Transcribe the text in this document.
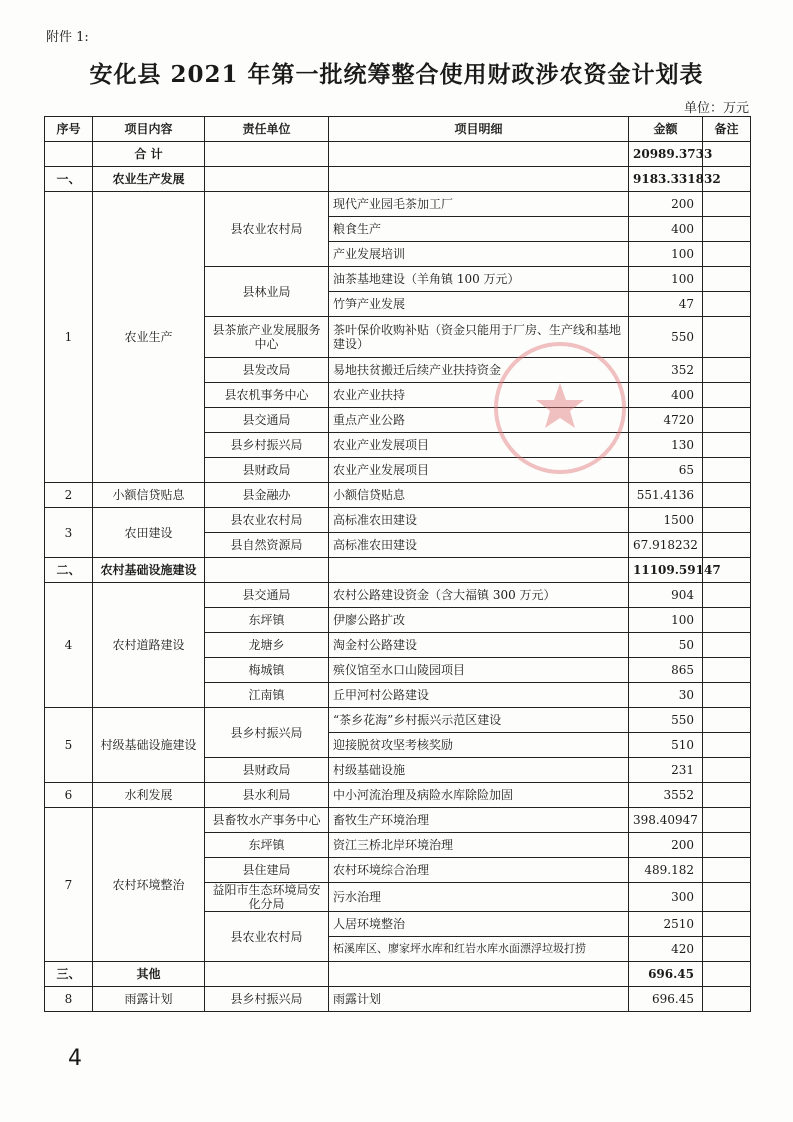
附件 1:
安化县 2021 年第一批统筹整合使用财政涉农资金计划表
单位：万元
序号	项目内容	责任单位	项目明细	金额	备注
	合 计			20989.3733	
一、	农业生产发展			9183.331832	
1	农业生产	县农业农村局	现代产业园毛茶加工厂	200	
			粮食生产	400	
			产业发展培训	100	
		县林业局	油茶基地建设（羊角镇 100 万元）	100	
			竹笋产业发展	47	
		县茶旅产业发展服务中心	茶叶保价收购补贴（资金只能用于厂房、生产线和基地建设）	550	
		县发改局	易地扶贫搬迁后续产业扶持资金	352	
		县农机事务中心	农业产业扶持	400	
		县交通局	重点产业公路	4720	
		县乡村振兴局	农业产业发展项目	130	
		县财政局	农业产业发展项目	65	
2	小额信贷贴息	县金融办	小额信贷贴息	551.4136	
3	农田建设	县农业农村局	高标准农田建设	1500	
		县自然资源局	高标准农田建设	67.918232	
二、	农村基础设施建设			11109.59147	
4	农村道路建设	县交通局	农村公路建设资金（含大福镇 300 万元）	904	
		东坪镇	伊廖公路扩改	100	
		龙塘乡	淘金村公路建设	50	
		梅城镇	殡仪馆至水口山陵园项目	865	
		江南镇	丘甲河村公路建设	30	
5	村级基础设施建设	县乡村振兴局	“茶乡花海”乡村振兴示范区建设	550	
			迎接脱贫攻坚考核奖励	510	
		县财政局	村级基础设施	231	
6	水利发展	县水利局	中小河流治理及病险水库除险加固	3552	
7	农村环境整治	县畜牧水产事务中心	畜牧生产环境治理	398.40947	
		东坪镇	资江三桥北岸环境治理	200	
		县住建局	农村环境综合治理	489.182	
		益阳市生态环境局安化分局	污水治理	300	
		县农业农村局	人居环境整治	2510	
			柘溪库区、廖家坪水库和红岩水库水面漂浮垃圾打捞	420	
三、	其他			696.45	
8	雨露计划	县乡村振兴局	雨露计划	696.45	
4
